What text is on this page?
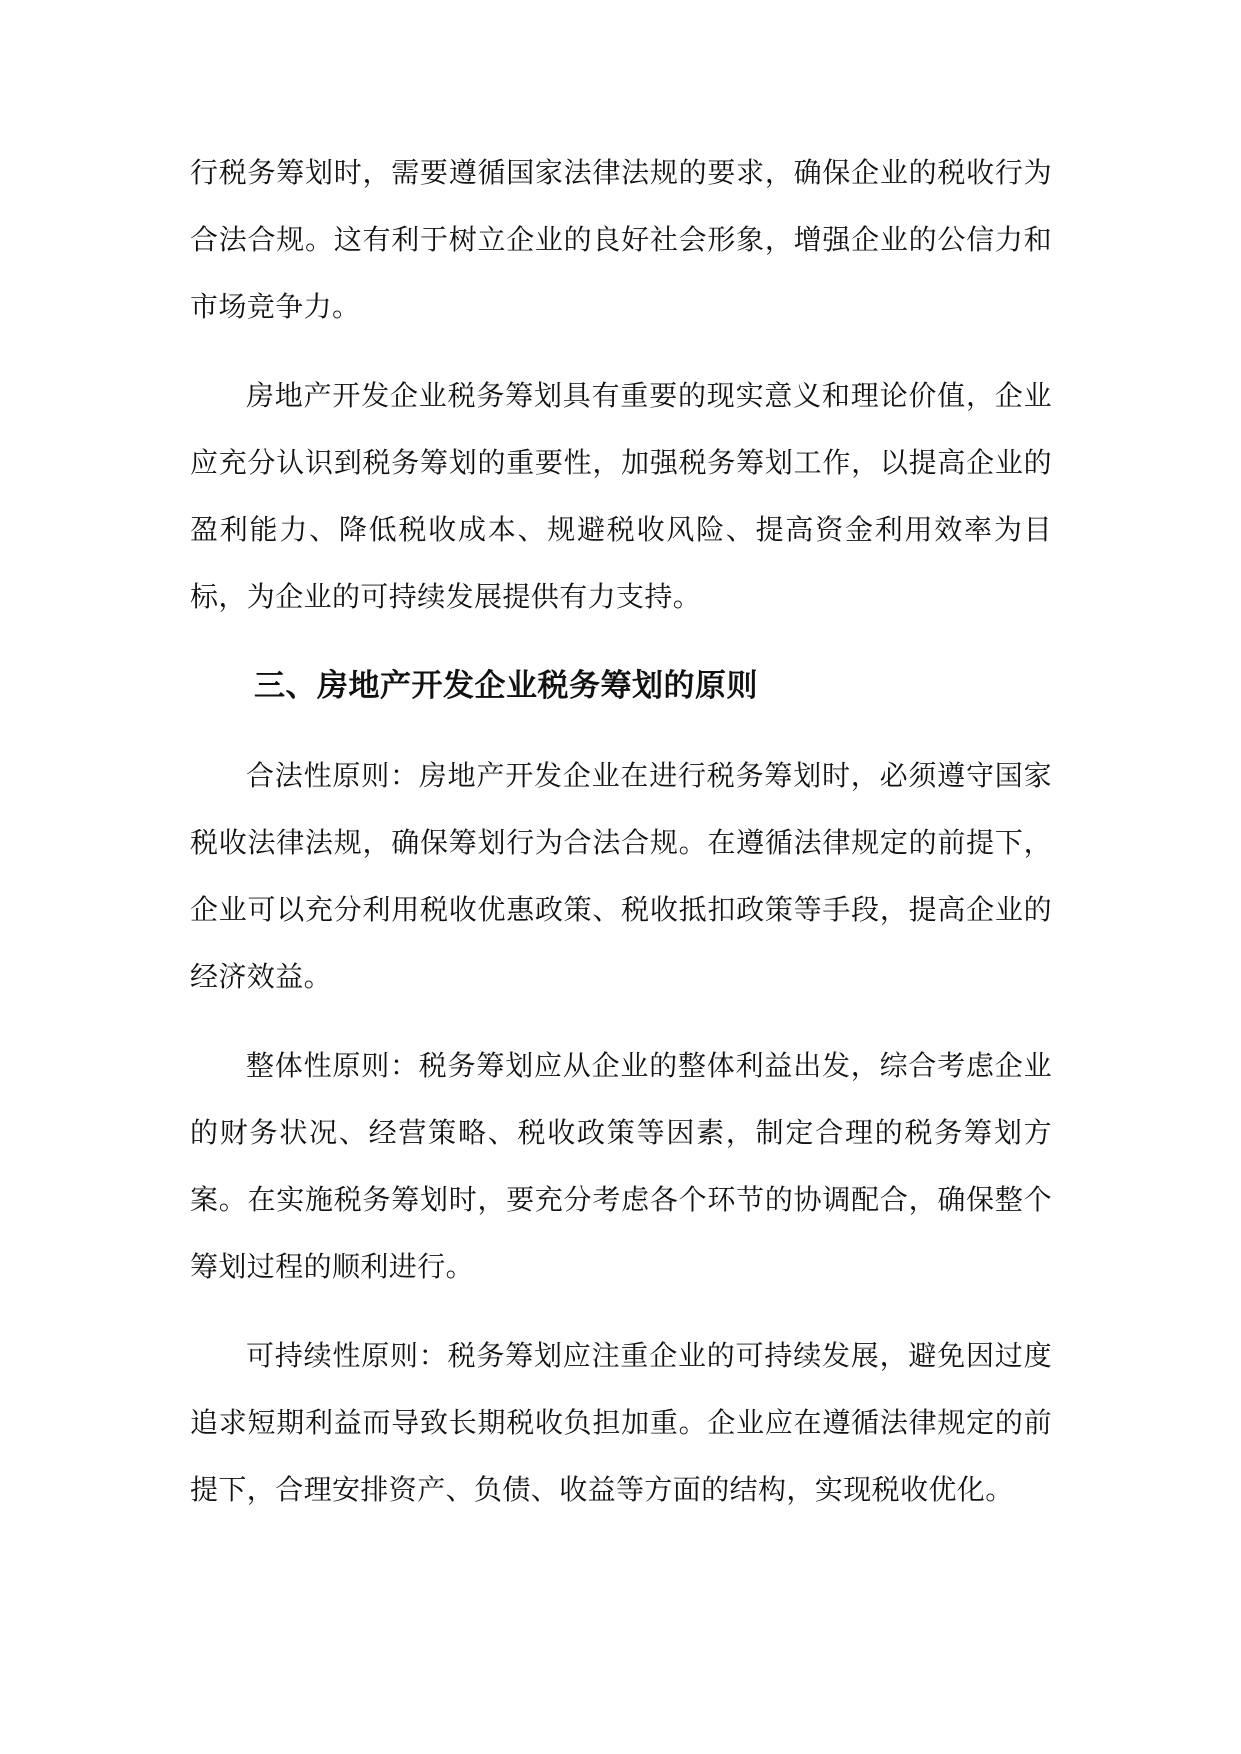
行税务筹划时，需要遵循国家法律法规的要求，确保企业的税收行为合法合规。这有利于树立企业的良好社会形象，增强企业的公信力和市场竞争力。

房地产开发企业税务筹划具有重要的现实意义和理论价值，企业应充分认识到税务筹划的重要性，加强税务筹划工作，以提高企业的盈利能力、降低税收成本、规避税收风险、提高资金利用效率为目标，为企业的可持续发展提供有力支持。

三、房地产开发企业税务筹划的原则

合法性原则：房地产开发企业在进行税务筹划时，必须遵守国家税收法律法规，确保筹划行为合法合规。在遵循法律规定的前提下，企业可以充分利用税收优惠政策、税收抵扣政策等手段，提高企业的经济效益。

整体性原则：税务筹划应从企业的整体利益出发，综合考虑企业的财务状况、经营策略、税收政策等因素，制定合理的税务筹划方案。在实施税务筹划时，要充分考虑各个环节的协调配合，确保整个筹划过程的顺利进行。

可持续性原则：税务筹划应注重企业的可持续发展，避免因过度追求短期利益而导致长期税收负担加重。企业应在遵循法律规定的前提下，合理安排资产、负债、收益等方面的结构，实现税收优化。
